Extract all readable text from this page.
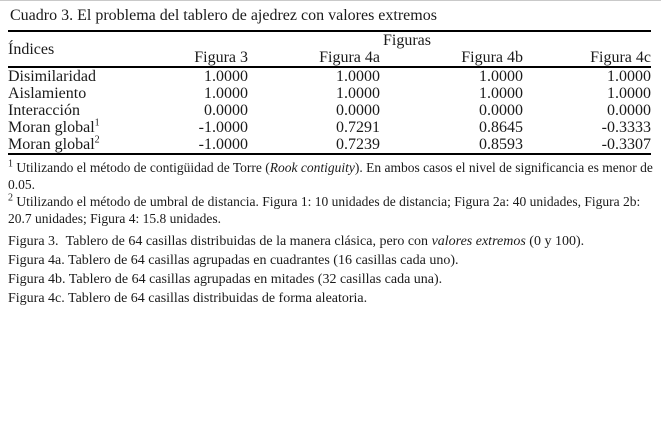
Cuadro 3. El problema del tablero de ajedrez con valores extremos
Índices	Figuras			
	Figura 3	Figura 4a	Figura 4b	Figura 4c
Disimilaridad	1.0000	1.0000	1.0000	1.0000
Aislamiento	1.0000	1.0000	1.0000	1.0000
Interacción	0.0000	0.0000	0.0000	0.0000
Moran global$^1$	-1.0000	0.7291	0.8645	-0.3333
Moran global$^2$	-1.0000	0.7239	0.8593	-0.3307

$^1$ Utilizando el método de contigüidad de Torre (Rook contiguity). En ambos casos el nivel de significancia es menor de 0.05.

$^2$ Utilizando el método de umbral de distancia. Figura 1: 10 unidades de distancia; Figura 2a: 40 unidades, Figura 2b: 20.7 unidades; Figura 4: 15.8 unidades.

Figura 3.  Tablero de 64 casillas distribuidas de la manera clásica, pero con valores extremos (0 y 100).

Figura 4a. Tablero de 64 casillas agrupadas en cuadrantes (16 casillas cada uno).

Figura 4b. Tablero de 64 casillas agrupadas en mitades (32 casillas cada una).

Figura 4c. Tablero de 64 casillas distribuidas de forma aleatoria.
